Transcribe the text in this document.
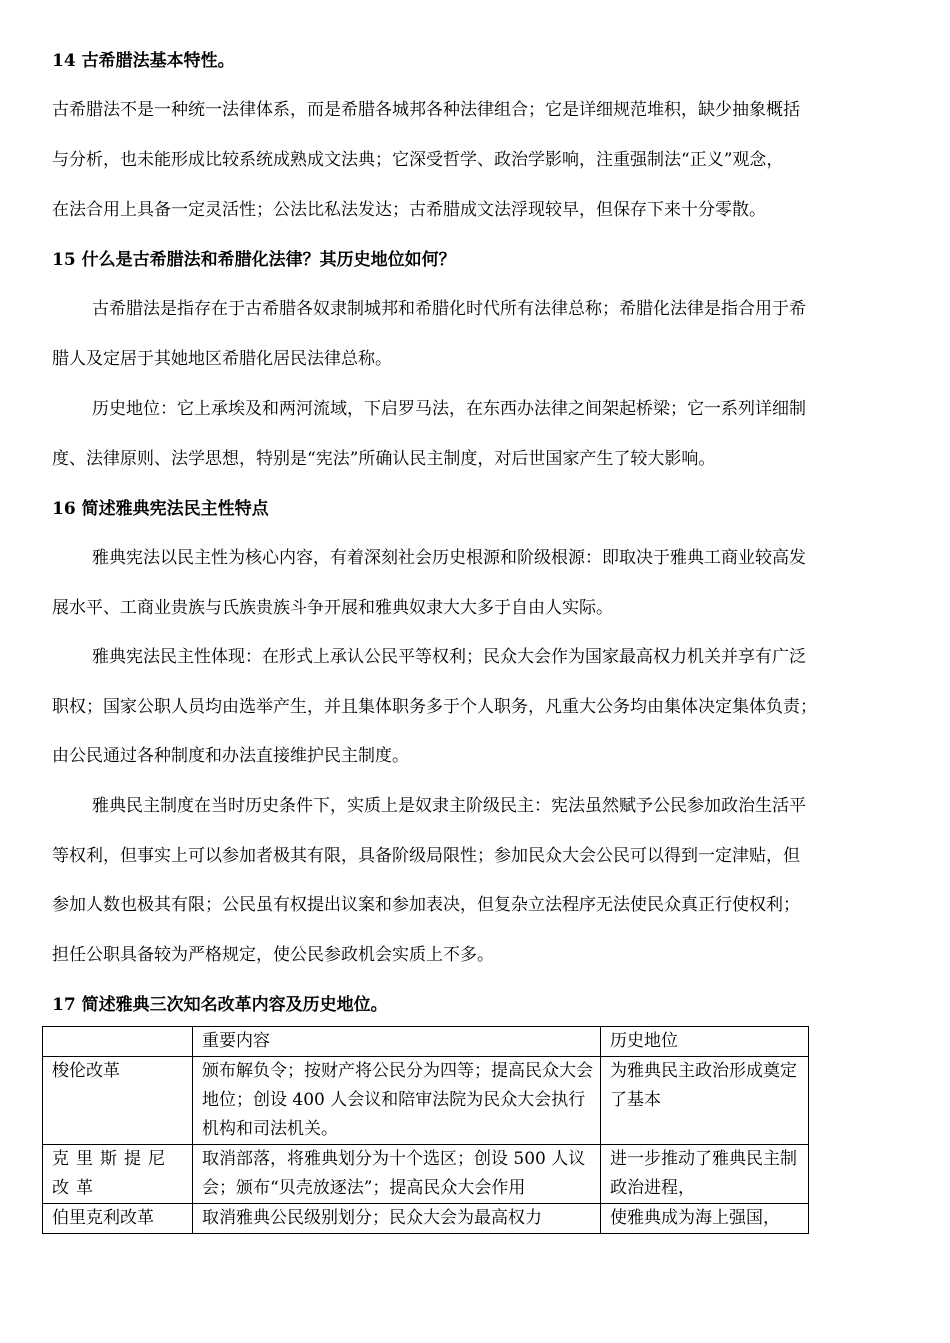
14 古希腊法基本特性。

古希腊法不是一种统一法律体系，而是希腊各城邦各种法律组合；它是详细规范堆积，缺少抽象概括

与分析，也未能形成比较系统成熟成文法典；它深受哲学、政治学影响，注重强制法“正义”观念，

在法合用上具备一定灵活性；公法比私法发达；古希腊成文法浮现较早，但保存下来十分零散。

15 什么是古希腊法和希腊化法律？其历史地位如何？

古希腊法是指存在于古希腊各奴隶制城邦和希腊化时代所有法律总称；希腊化法律是指合用于希

腊人及定居于其她地区希腊化居民法律总称。

历史地位：它上承埃及和两河流域，下启罗马法，在东西办法律之间架起桥梁；它一系列详细制

度、法律原则、法学思想，特别是“宪法”所确认民主制度，对后世国家产生了较大影响。

16 简述雅典宪法民主性特点

雅典宪法以民主性为核心内容，有着深刻社会历史根源和阶级根源：即取决于雅典工商业较高发

展水平、工商业贵族与氏族贵族斗争开展和雅典奴隶大大多于自由人实际。

雅典宪法民主性体现：在形式上承认公民平等权利；民众大会作为国家最高权力机关并享有广泛

职权；国家公职人员均由选举产生，并且集体职务多于个人职务，凡重大公务均由集体决定集体负责；

由公民通过各种制度和办法直接维护民主制度。

雅典民主制度在当时历史条件下，实质上是奴隶主阶级民主：宪法虽然赋予公民参加政治生活平

等权利，但事实上可以参加者极其有限，具备阶级局限性；参加民众大会公民可以得到一定津贴，但

参加人数也极其有限；公民虽有权提出议案和参加表决，但复杂立法程序无法使民众真正行使权利；

担任公职具备较为严格规定，使公民参政机会实质上不多。

17 简述雅典三次知名改革内容及历史地位。

	重要内容	历史地位
梭伦改革	颁布解负令；按财产将公民分为四等；提高民众大会地位；创设 400 人会议和陪审法院为民众大会执行机构和司法机关。	为雅典民主政治形成奠定了基本
克里斯提尼改革	取消部落，将雅典划分为十个选区；创设 500 人议会；颁布“贝壳放逐法”；提高民众大会作用	进一步推动了雅典民主制政治进程，
伯里克利改革	取消雅典公民级别划分；民众大会为最高权力	使雅典成为海上强国，
